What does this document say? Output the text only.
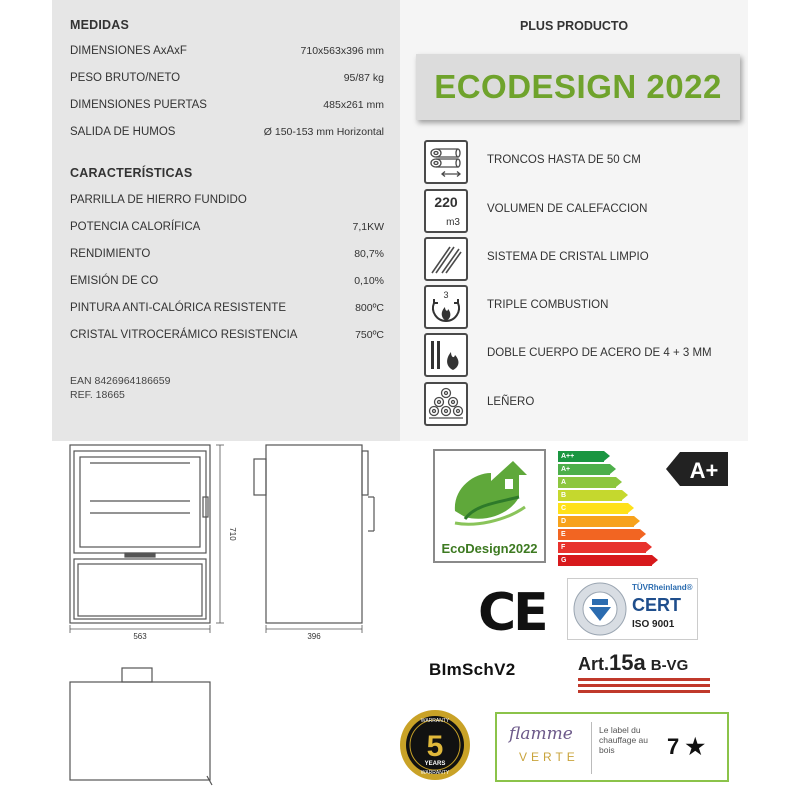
MEDIDAS
DIMENSIONES AxAxF	710x563x396 mm
PESO BRUTO/NETO	95/87 kg
DIMENSIONES PUERTAS	485x261 mm
SALIDA DE HUMOS	Ø 150-153 mm Horizontal
CARACTERÍSTICAS
PARRILLA DE HIERRO FUNDIDO
POTENCIA CALORÍFICA	7,1KW
RENDIMIENTO	80,7%
EMISIÓN DE CO	0,10%
PINTURA ANTI-CALÓRICA RESISTENTE	800ºC
CRISTAL VITROCERÁMICO RESISTENCIA	750ºC
EAN 8426964186659
REF. 18665
PLUS PRODUCTO
ECODESIGN 2022
TRONCOS HASTA DE 50 CM
220
m3
VOLUMEN DE CALEFACCION
SISTEMA DE CRISTAL LIMPIO
3
TRIPLE COMBUSTION
DOBLE CUERPO DE ACERO DE 4 + 3 MM
LEÑERO
563
710
396
EcoDesign2022
A++
A+
A
B
C
D
E
F
G
A+
CE	TÜVRheinland®
CERT
ISO 9001
BImSchV2	Art.15a B-VG
WARRANTY
5
YEARS
WARRANTY
flamme
VERTE
Le label du chauffage au bois	7 ★
